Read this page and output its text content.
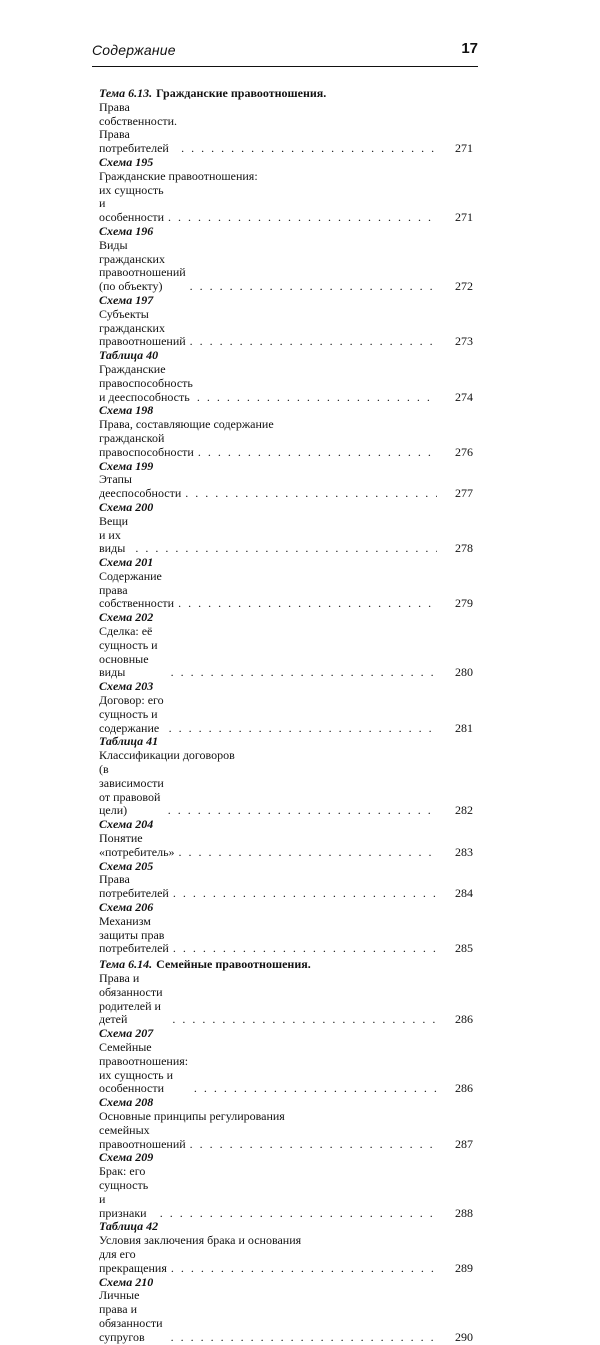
Содержание	17
Тема 6.13. Гражданские правоотношения.
Права собственности. Права потребителей . . .	271
Схема 195
Гражданские правоотношения:
их сущность и особенности . . .	271
Схема 196
Виды гражданских правоотношений (по объекту) . . .	272
Схема 197
Субъекты гражданских правоотношений . . .	273
Таблица 40
Гражданские правоспособность и дееспособность . . .	274
Схема 198
Права, составляющие содержание
гражданской правоспособности . . .	276
Схема 199
Этапы дееспособности . . .	277
Схема 200
Вещи и их виды . . .	278
Схема 201
Содержание права собственности . . .	279
Схема 202
Сделка: её сущность и основные виды . . .	280
Схема 203
Договор: его сущность и содержание . . .	281
Таблица 41
Классификации договоров
(в зависимости от правовой цели) . . .	282
Схема 204
Понятие «потребитель» . . .	283
Схема 205
Права потребителей . . .	284
Схема 206
Механизм защиты прав потребителей . . .	285
Тема 6.14. Семейные правоотношения.
Права и обязанности родителей и детей . . .	286
Схема 207
Семейные правоотношения: их сущность и особенности . . .	286
Схема 208
Основные принципы регулирования
семейных правоотношений . . .	287
Схема 209
Брак: его сущность и признаки . . .	288
Таблица 42
Условия заключения брака и основания
для его прекращения . . .	289
Схема 210
Личные права и обязанности супругов . . .	290
